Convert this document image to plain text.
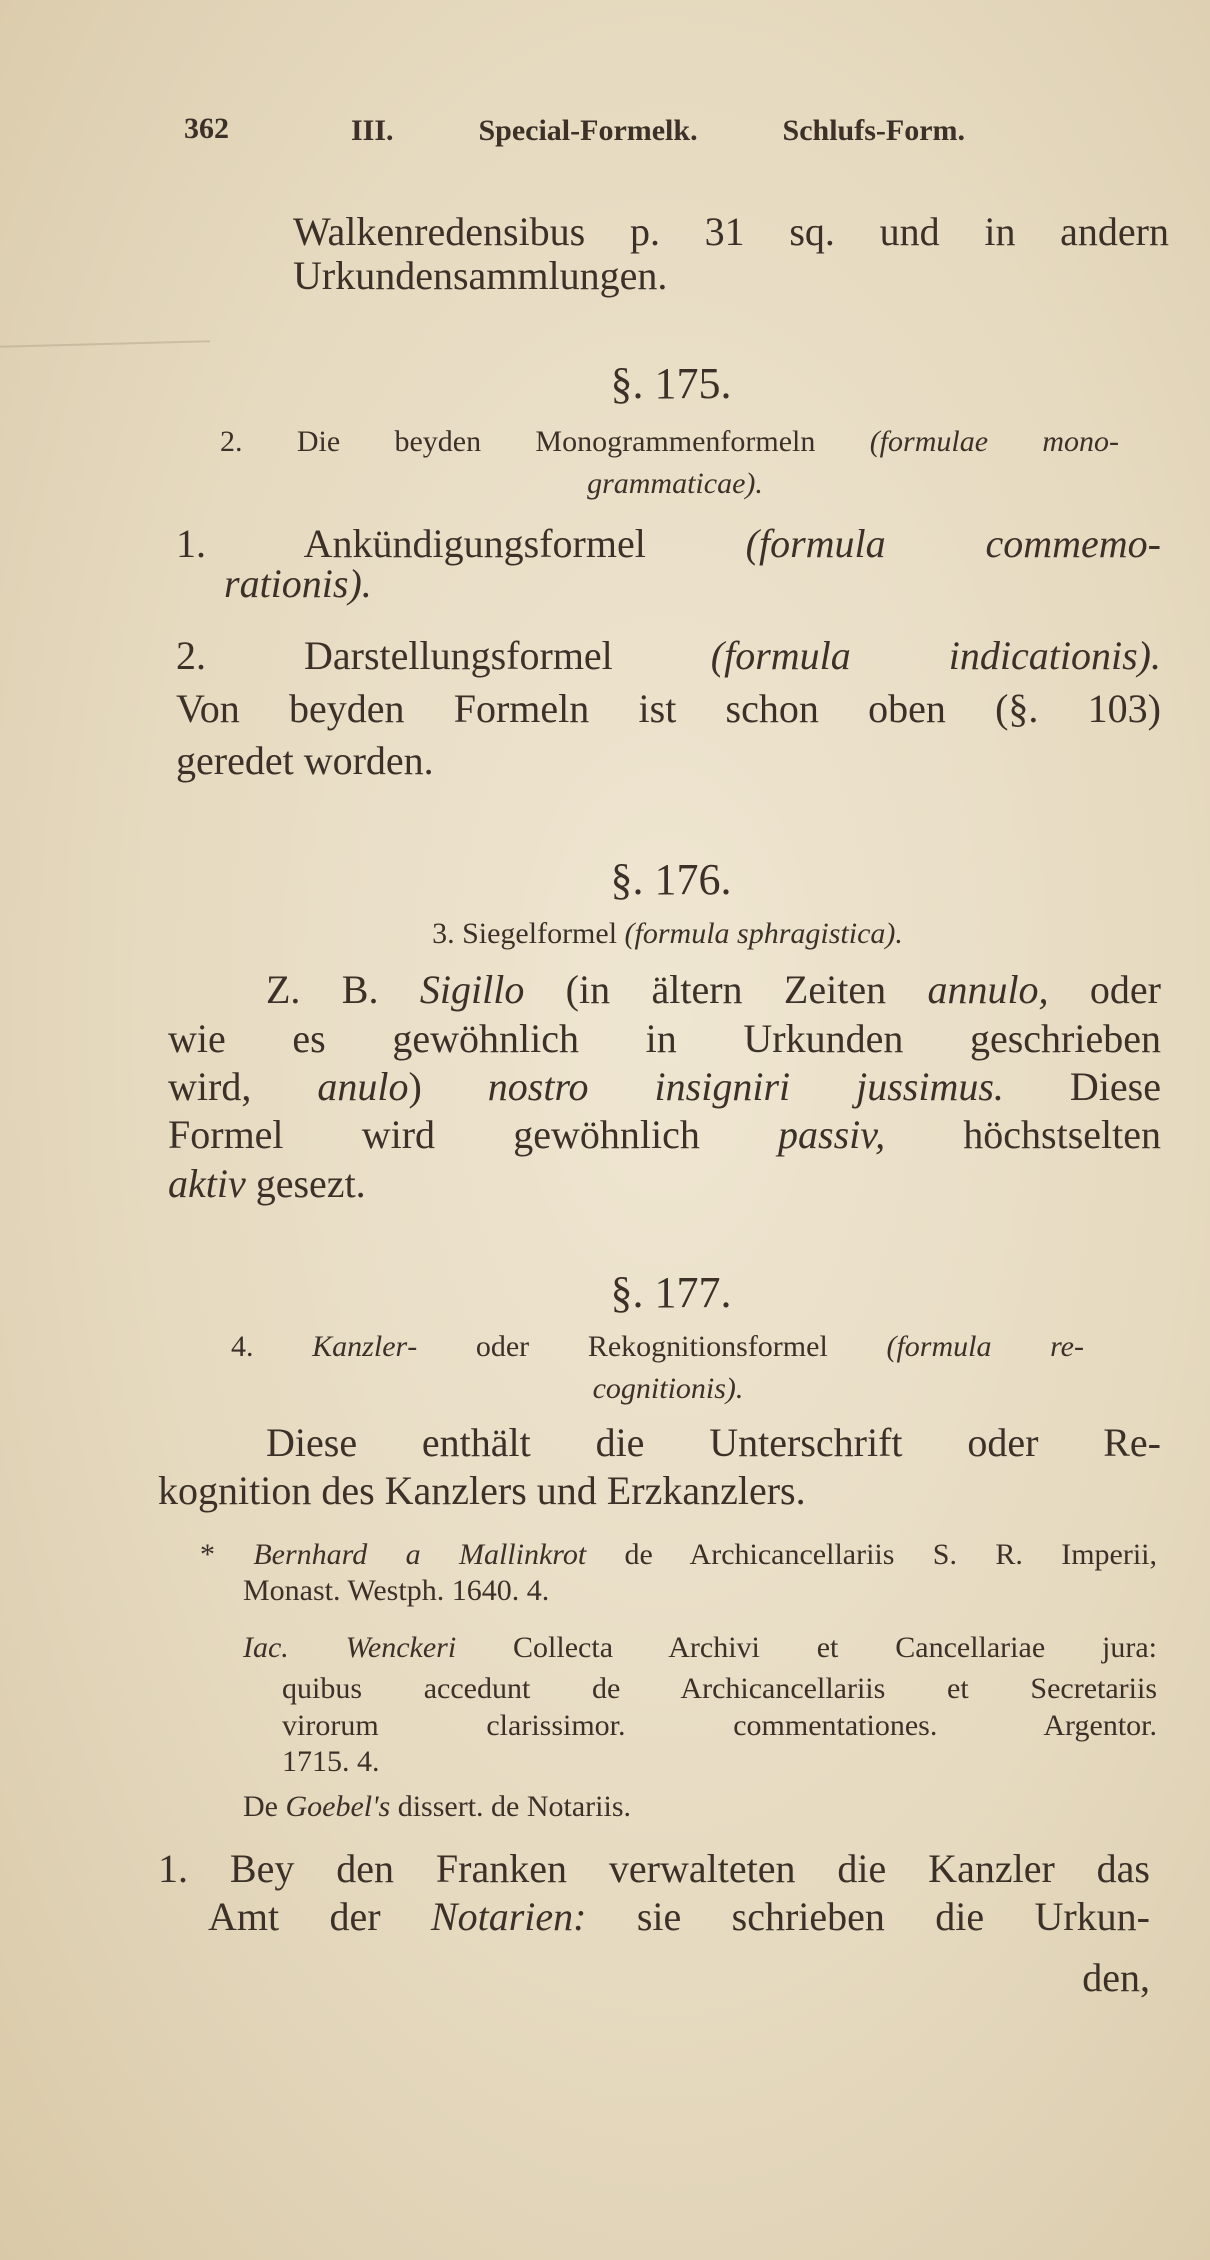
362	III. Special-Formelk. Schlufs-Form.
Walkenredensibus p. 31 sq. und in andern
Urkundensammlungen.
§. 175.
2. Die beyden Monogrammenformeln (formulae mono-
grammaticae).
1. Ankündigungsformel (formula commemo-
rationis).
2. Darstellungsformel (formula indicationis).
Von beyden Formeln ist schon oben (§. 103)
geredet worden.
§. 176.
3. Siegelformel (formula sphragistica).
Z. B. Sigillo (in ältern Zeiten annulo, oder
wie es gewöhnlich in Urkunden geschrieben
wird, anulo) nostro insigniri jussimus. Diese
Formel wird gewöhnlich passiv, höchstselten
aktiv gesezt.
§. 177.
4. Kanzler- oder Rekognitionsformel (formula re-
cognitionis).
Diese enthält die Unterschrift oder Re-
kognition des Kanzlers und Erzkanzlers.
* Bernhard a Mallinkrot de Archicancellariis S. R. Imperii,
Monast. Westph. 1640. 4.
Iac. Wenckeri Collecta Archivi et Cancellariae jura:
quibus accedunt de Archicancellariis et Secretariis
virorum clarissimor. commentationes. Argentor.
1715. 4.
De Goebel's dissert. de Notariis.
1. Bey den Franken verwalteten die Kanzler das
Amt der Notarien: sie schrieben die Urkun-
den,
